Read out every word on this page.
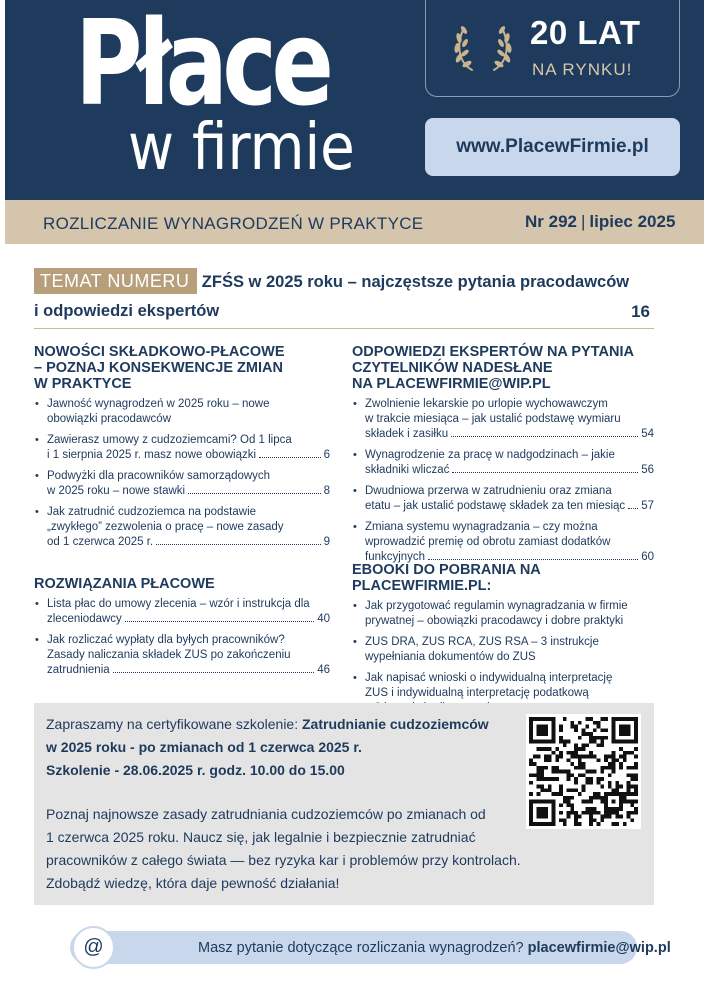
Płace
w firmie
20 LAT
NA RYNKU!
www.PlacewFirmie.pl
ROZLICZANIE WYNAGRODZEŃ W PRAKTYCE	Nr 292 | lipiec 2025
TEMAT NUMERU ZFŚS w 2025 roku – najczęstsze pytania pracodawców
i odpowiedzi ekspertów	16
NOWOŚCI SKŁADKOWO-PŁACOWE
– POZNAJ KONSEKWENCJE ZMIAN
W PRAKTYCE
• Jawność wynagrodzeń w 2025 roku – nowe
obowiązki pracodawców
• Zawierasz umowy z cudzoziemcami? Od 1 lipca
i 1 sierpnia 2025 r. masz nowe obowiązki	6
• Podwyżki dla pracowników samorządowych
w 2025 roku – nowe stawki	8
• Jak zatrudnić cudzoziemca na podstawie
„zwykłego” zezwolenia o pracę – nowe zasady
od 1 czerwca 2025 r.	9
ROZWIĄZANIA PŁACOWE
• Lista płac do umowy zlecenia – wzór i instrukcja dla
zleceniodawcy	40
• Jak rozliczać wypłaty dla byłych pracowników?
Zasady naliczania składek ZUS po zakończeniu
zatrudnienia	46
ODPOWIEDZI EKSPERTÓW NA PYTANIA
CZYTELNIKÓW NADESŁANE
NA PLACEWFIRMIE@WIP.PL
• Zwolnienie lekarskie po urlopie wychowawczym
w trakcie miesiąca – jak ustalić podstawę wymiaru
składek i zasiłku	54
• Wynagrodzenie za pracę w nadgodzinach – jakie
składniki wliczać	56
• Dwudniowa przerwa w zatrudnieniu oraz zmiana
etatu – jak ustalić podstawę składek za ten miesiąc 57
• Zmiana systemu wynagradzania – czy można
wprowadzić premię od obrotu zamiast dodatków
funkcyjnych	60
EBOOKI DO POBRANIA NA PLACEWFIRMIE.PL:
• Jak przygotować regulamin wynagradzania w firmie
prywatnej – obowiązki pracodawcy i dobre praktyki
• ZUS DRA, ZUS RCA, ZUS RSA – 3 instrukcje
wypełniania dokumentów do ZUS
• Jak napisać wnioski o indywidualną interpretację
ZUS i indywidualną interpretację podatkową
Zapraszamy na certyfikowane szkolenie: Zatrudnianie cudzoziemców
w 2025 roku - po zmianach od 1 czerwca 2025 r.
Szkolenie - 28.06.2025 r. godz. 10.00 do 15.00
Poznaj najnowsze zasady zatrudniania cudzoziemców po zmianach od
1 czerwca 2025 roku. Naucz się, jak legalnie i bezpiecznie zatrudniać
pracowników z całego świata — bez ryzyka kar i problemów przy kontrolach.
Zdobądź wiedzę, która daje pewność działania!
Masz pytanie dotyczące rozliczania wynagrodzeń? placewfirmie@wip.pl
@
